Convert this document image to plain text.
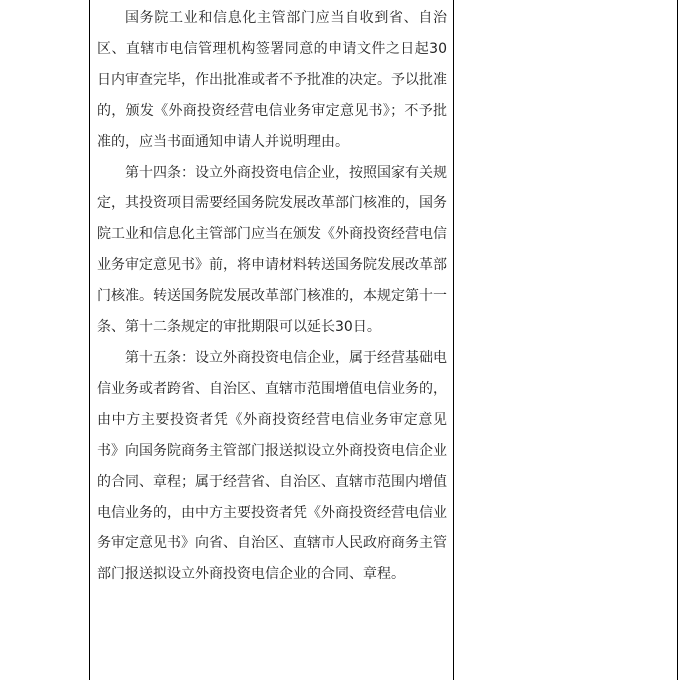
国务院工业和信息化主管部门应当自收到省、自治区、直辖市电信管理机构签署同意的申请文件之日起30日内审查完毕，作出批准或者不予批准的决定。予以批准的，颁发《外商投资经营电信业务审定意见书》；不予批准的，应当书面通知申请人并说明理由。

第十四条：设立外商投资电信企业，按照国家有关规定，其投资项目需要经国务院发展改革部门核准的，国务院工业和信息化主管部门应当在颁发《外商投资经营电信业务审定意见书》前，将申请材料转送国务院发展改革部门核准。转送国务院发展改革部门核准的，本规定第十一条、第十二条规定的审批期限可以延长30日。

第十五条：设立外商投资电信企业，属于经营基础电信业务或者跨省、自治区、直辖市范围增值电信业务的，由中方主要投资者凭《外商投资经营电信业务审定意见书》向国务院商务主管部门报送拟设立外商投资电信企业的合同、章程；属于经营省、自治区、直辖市范围内增值电信业务的，由中方主要投资者凭《外商投资经营电信业务审定意见书》向省、自治区、直辖市人民政府商务主管部门报送拟设立外商投资电信企业的合同、章程。
